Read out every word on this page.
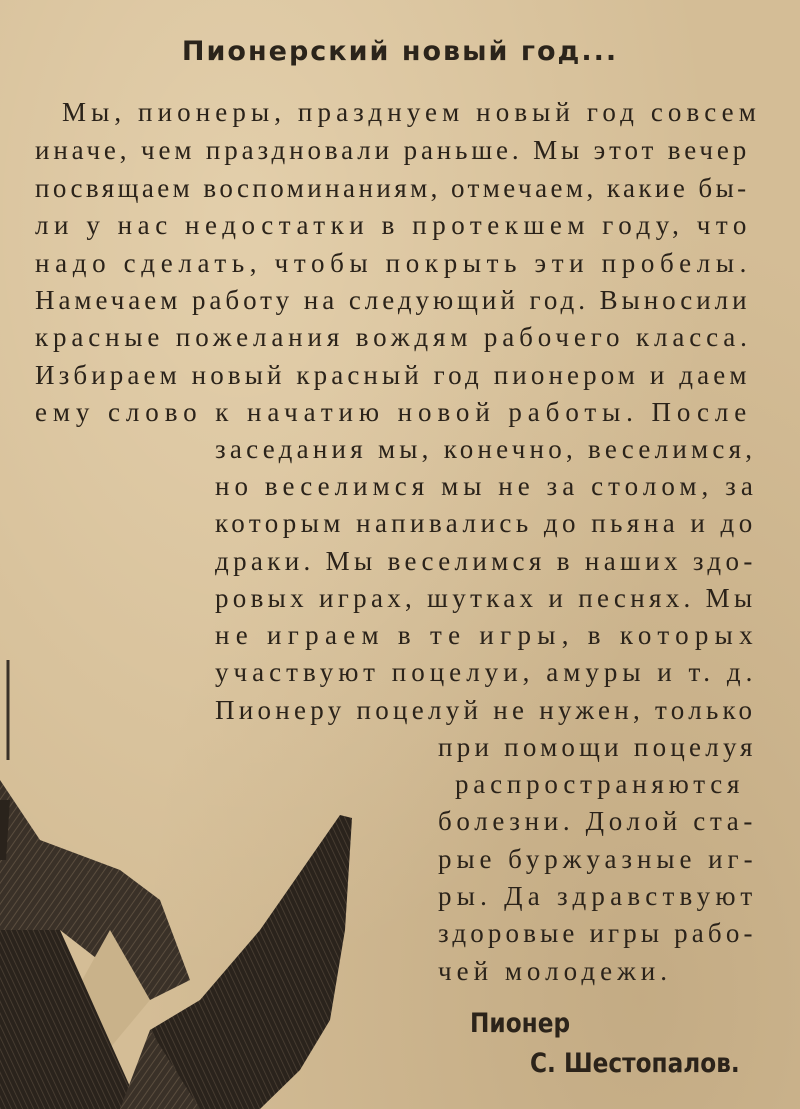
Пионерский новый год...
Мы, пионеры, празднуем новый год совсем
иначе, чем праздновали раньше. Мы этот вечер
посвящаем воспоминаниям, отмечаем, какие бы-
ли у нас недостатки в протекшем году, что
надо сделать, чтобы покрыть эти пробелы.
Намечаем работу на следующий год. Выносили
красные пожелания вождям рабочего класса.
Избираем новый красный год пионером и даем
ему слово к начатию новой работы. После
заседания мы, конечно, веселимся,
но веселимся мы не за столом, за
которым напивались до пьяна и до
драки. Мы веселимся в наших здо-
ровых играх, шутках и песнях. Мы
не играем в те игры, в которых
участвуют поцелуи, амуры и т. д.
Пионеру поцелуй не нужен, только
при помощи поцелуя
распространяются
болезни. Долой ста-
рые буржуазные иг-
ры. Да здравствуют
здоровые игры рабо-
чей молодежи.
Пионер
С. Шестопалов.
